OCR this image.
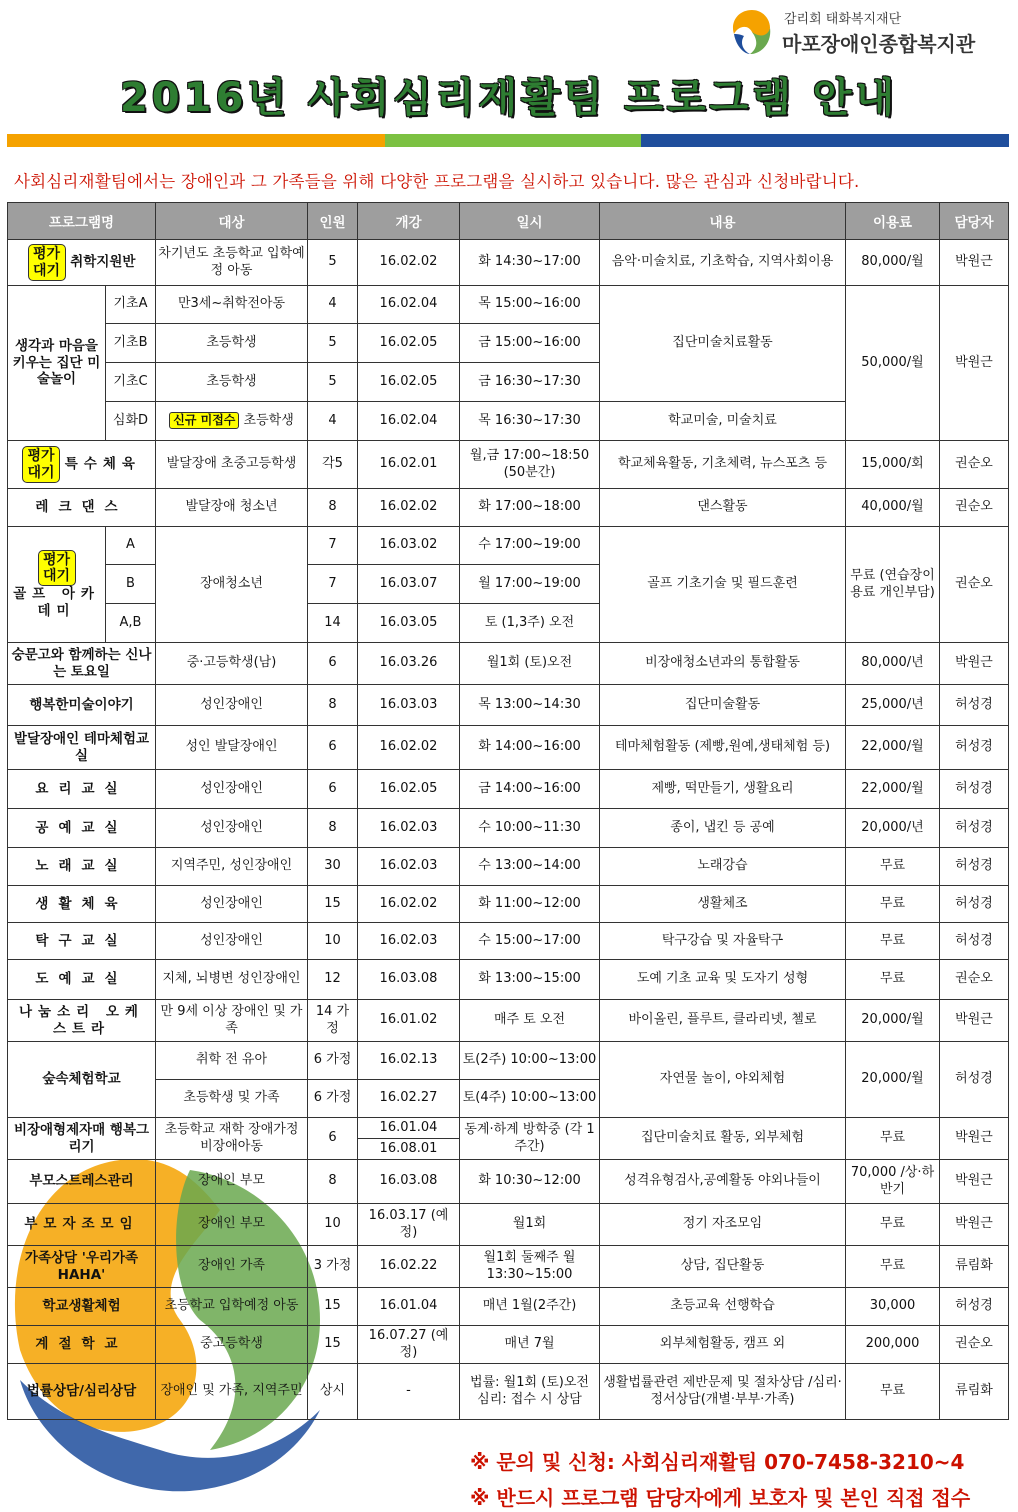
감리회 태화복지재단
마포장애인종합복지관
2016년 사회심리재활팀 프로그램 안내
사회심리재활팀에서는 장애인과 그 가족들을 위해 다양한 프로그램을 실시하고 있습니다. 많은 관심과 신청바랍니다.
프로그램명		대상	인원	개강	일시	내용	이용료	담당자
평가대기 취학지원반		차기년도 초등학교 입학예정 아동	5	16.02.02	화 14:30~17:00	음악·미술치료, 기초학습, 지역사회이용	80,000/월	박원근
생각과 마음을 키우는 집단 미술놀이	기초A	만3세~취학전아동	4	16.02.04	목 15:00~16:00	집단미술치료활동	50,000/월	박원근
	기초B	초등학생	5	16.02.05	금 15:00~16:00			
	기초C	초등학생	5	16.02.05	금 16:30~17:30			
	심화D	신규 미접수 초등학생	4	16.02.04	목 16:30~17:30	학교미술, 미술치료		
평가대기 특수체육		발달장애 초중고등학생	각5	16.02.01	월,금 17:00~18:50 (50분간)	학교체육활동, 기초체력, 뉴스포츠 등	15,000/회	권순오
레크댄스		발달장애 청소년	8	16.02.02	화 17:00~18:00	댄스활동	40,000/월	권순오
평가대기
골프 아카데미	A	장애청소년	7	16.03.02	수 17:00~19:00	골프 기초기술 및 필드훈련	무료 (연습장이용료 개인부담)	권순오
	B		7	16.03.07	월 17:00~19:00			
	A,B		14	16.03.05	토 (1,3주) 오전			
숭문고와 함께하는 신나는 토요일		중·고등학생(남)	6	16.03.26	월1회 (토)오전	비장애청소년과의 통합활동	80,000/년	박원근
행복한미술이야기		성인장애인	8	16.03.03	목 13:00~14:30	집단미술활동	25,000/년	허성경
발달장애인 테마체험교실		성인 발달장애인	6	16.02.02	화 14:00~16:00	테마체험활동 (제빵,원예,생태체험 등)	22,000/월	허성경
요리교실		성인장애인	6	16.02.05	금 14:00~16:00	제빵, 떡만들기, 생활요리	22,000/월	허성경
공예교실		성인장애인	8	16.02.03	수 10:00~11:30	종이, 냅킨 등 공예	20,000/년	허성경
노래교실		지역주민, 성인장애인	30	16.02.03	수 13:00~14:00	노래강습	무료	허성경
생활체육		성인장애인	15	16.02.02	화 11:00~12:00	생활체조	무료	허성경
탁구교실		성인장애인	10	16.02.03	수 15:00~17:00	탁구강습 및 자율탁구	무료	허성경
도예교실		지체, 뇌병변 성인장애인	12	16.03.08	화 13:00~15:00	도예 기초 교육 및 도자기 성형	무료	권순오
나눔소리 오케스트라		만 9세 이상 장애인 및 가족	14 가정	16.01.02	매주 토 오전	바이올린, 플루트, 클라리넷, 첼로	20,000/월	박원근
숲속체험학교		취학 전 유아	6 가정	16.02.13	토(2주) 10:00~13:00	자연물 놀이, 야외체험	20,000/월	허성경
		초등학생 및 가족	6 가정	16.02.27	토(4주) 10:00~13:00			
비장애형제자매 행복그리기		초등학교 재학 장애가정 비장애아동	6	16.01.04	동계·하계 방학중 (각 1주간)	집단미술치료 활동, 외부체험	무료	박원근
				16.08.01				
부모스트레스관리		장애인 부모	8	16.03.08	화 10:30~12:00	성격유형검사,공예활동 야외나들이	70,000 /상·하반기	박원근
부모자조모임		장애인 부모	10	16.03.17 (예정)	월1회	정기 자조모임	무료	박원근
가족상담 '우리가족HAHA'		장애인 가족	3 가정	16.02.22	월1회 둘째주 월 13:30~15:00	상담, 집단활동	무료	류림화
학교생활체험		초등학교 입학예정 아동	15	16.01.04	매년 1월(2주간)	초등교육 선행학습	30,000	허성경
계절학교		중고등학생	15	16.07.27 (예정)	매년 7월	외부체험활동, 캠프 외	200,000	권순오
법률상담/심리상담		장애인 및 가족, 지역주민	상시	-	법률: 월1회 (토)오전 심리: 접수 시 상담	생활법률관련 제반문제 및 절차상담 /심리·정서상담(개별·부부·가족)	무료	류림화
※ 문의 및 신청: 사회심리재활팀 070-7458-3210~4
※ 반드시 프로그램 담당자에게 보호자 및 본인 직접 접수
